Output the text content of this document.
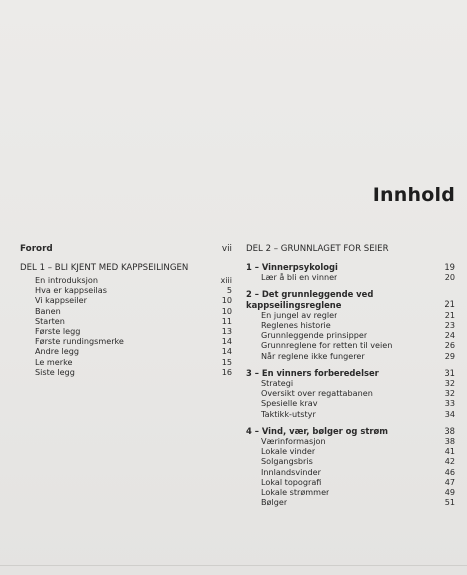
Innhold
Forord	vii
DEL 1 – BLI KJENT MED KAPPSEILINGEN
En introduksjon	xiii
Hva er kappseilas	5
Vi kappseiler	10
Banen	10
Starten	11
Første legg	13
Første rundingsmerke	14
Andre legg	14
Le merke	15
Siste legg	16
DEL 2 – GRUNNLAGET FOR SEIER
1 – Vinnerpsykologi	19
Lær å bli en vinner	20
2 – Det grunnleggende ved
kappseilingsreglene	21
En jungel av regler	21
Reglenes historie	23
Grunnleggende prinsipper	24
Grunnreglene for retten til veien	26
Når reglene ikke fungerer	29
3 – En vinners forberedelser	31
Strategi	32
Oversikt over regattabanen	32
Spesielle krav	33
Taktikk-utstyr	34
4 – Vind, vær, bølger og strøm	38
Værinformasjon	38
Lokale vinder	41
Solgangsbris	42
Innlandsvinder	46
Lokal topografi	47
Lokale strømmer	49
Bølger	51
